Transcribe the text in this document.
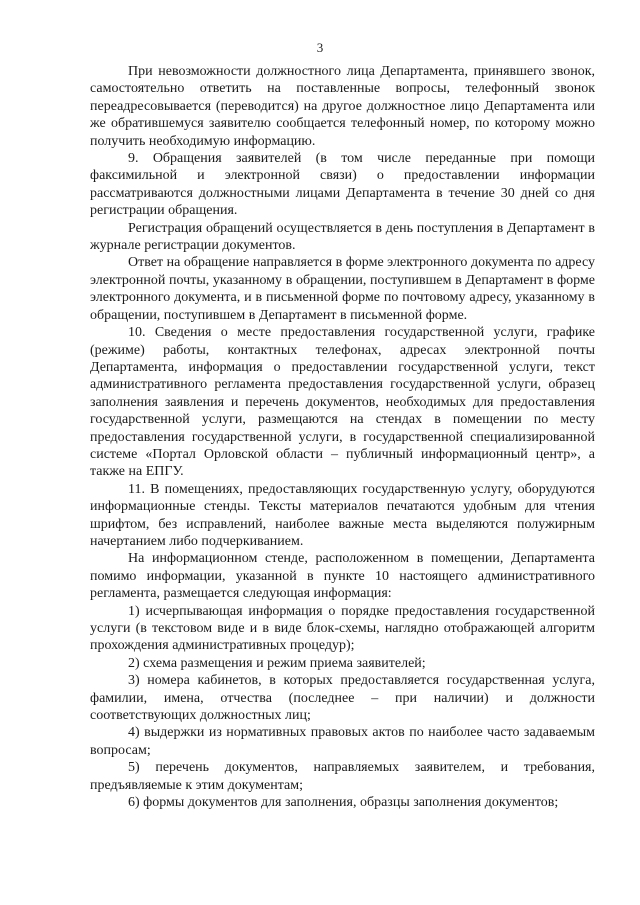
3

При невозможности должностного лица Департамента, принявшего звонок, самостоятельно ответить на поставленные вопросы, телефонный звонок переадресовывается (переводится) на другое должностное лицо Департамента или же обратившемуся заявителю сообщается телефонный номер, по которому можно получить необходимую информацию.

9. Обращения заявителей (в том числе переданные при помощи факсимильной и электронной связи) о предоставлении информации рассматриваются должностными лицами Департамента в течение 30 дней со дня регистрации обращения.

Регистрация обращений осуществляется в день поступления в Департамент в журнале регистрации документов.

Ответ на обращение направляется в форме электронного документа по адресу электронной почты, указанному в обращении, поступившем в Департамент в форме электронного документа, и в письменной форме по почтовому адресу, указанному в обращении, поступившем в Департамент в письменной форме.

10. Сведения о месте предоставления государственной услуги, графике (режиме) работы, контактных телефонах, адресах электронной почты Департамента, информация о предоставлении государственной услуги, текст административного регламента предоставления государственной услуги, образец заполнения заявления и перечень документов, необходимых для предоставления государственной услуги, размещаются на стендах в помещении по месту предоставления государственной услуги, в государственной специализированной системе «Портал Орловской области – публичный информационный центр», а также на ЕПГУ.

11. В помещениях, предоставляющих государственную услугу, оборудуются информационные стенды. Тексты материалов печатаются удобным для чтения шрифтом, без исправлений, наиболее важные места выделяются полужирным начертанием либо подчеркиванием.

На информационном стенде, расположенном в помещении, Департамента помимо информации, указанной в пункте 10 настоящего административного регламента, размещается следующая информация:

1) исчерпывающая информация о порядке предоставления государственной услуги (в текстовом виде и в виде блок-схемы, наглядно отображающей алгоритм прохождения административных процедур);

2) схема размещения и режим приема заявителей;

3) номера кабинетов, в которых предоставляется государственная услуга, фамилии, имена, отчества (последнее – при наличии) и должности соответствующих должностных лиц;

4) выдержки из нормативных правовых актов по наиболее часто задаваемым вопросам;

5) перечень документов, направляемых заявителем, и требования, предъявляемые к этим документам;

6) формы документов для заполнения, образцы заполнения документов;
